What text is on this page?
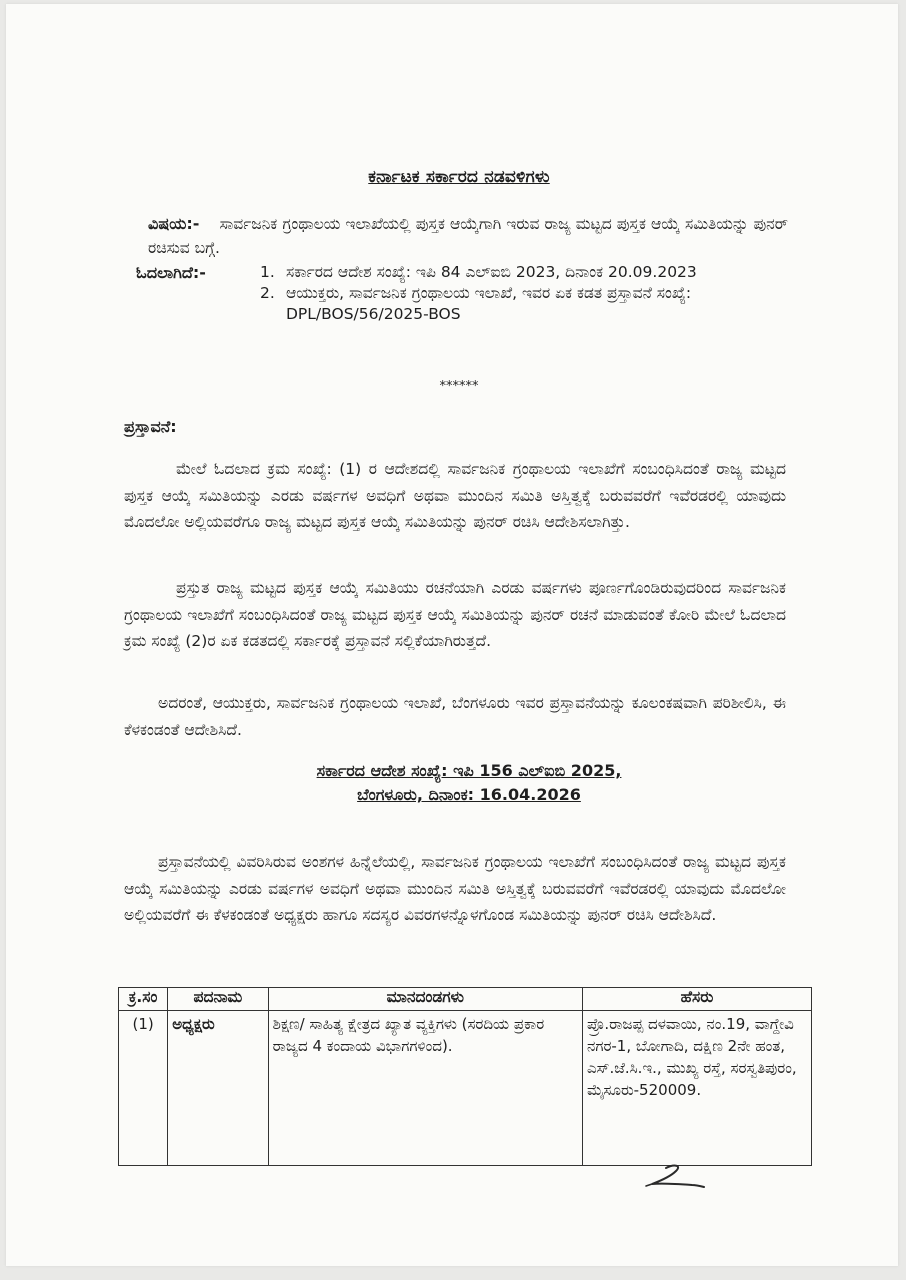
ಕರ್ನಾಟಕ ಸರ್ಕಾರದ ನಡವಳಿಗಳು
ವಿಷಯ:- ಸಾರ್ವಜನಿಕ ಗ್ರಂಥಾಲಯ ಇಲಾಖೆಯಲ್ಲಿ ಪುಸ್ತಕ ಆಯ್ಕೆಗಾಗಿ ಇರುವ ರಾಜ್ಯ ಮಟ್ಟದ ಪುಸ್ತಕ ಆಯ್ಕೆ ಸಮಿತಿಯನ್ನು ಪುನರ್ ರಚಿಸುವ ಬಗ್ಗೆ.
ಓದಲಾಗಿದೆ:-	1. ಸರ್ಕಾರದ ಆದೇಶ ಸಂಖ್ಯೆ: ಇಪಿ 84 ಎಲ್‌ಐಬಿ 2023, ದಿನಾಂಕ 20.09.2023
2. ಆಯುಕ್ತರು, ಸಾರ್ವಜನಿಕ ಗ್ರಂಥಾಲಯ ಇಲಾಖೆ, ಇವರ ಏಕ ಕಡತ ಪ್ರಸ್ತಾವನೆ ಸಂಖ್ಯೆ: DPL/BOS/56/2025-BOS
******
ಪ್ರಸ್ತಾವನೆ:
ಮೇಲೆ ಓದಲಾದ ಕ್ರಮ ಸಂಖ್ಯೆ: (1) ರ ಆದೇಶದಲ್ಲಿ ಸಾರ್ವಜನಿಕ ಗ್ರಂಥಾಲಯ ಇಲಾಖೆಗೆ ಸಂಬಂಧಿಸಿದಂತೆ ರಾಜ್ಯ ಮಟ್ಟದ ಪುಸ್ತಕ ಆಯ್ಕೆ ಸಮಿತಿಯನ್ನು ಎರಡು ವರ್ಷಗಳ ಅವಧಿಗೆ ಅಥವಾ ಮುಂದಿನ ಸಮಿತಿ ಅಸ್ತಿತ್ವಕ್ಕೆ ಬರುವವರೆಗೆ ಇವೆರಡರಲ್ಲಿ ಯಾವುದು ಮೊದಲೋ ಅಲ್ಲಿಯವರೆಗೂ ರಾಜ್ಯ ಮಟ್ಟದ ಪುಸ್ತಕ ಆಯ್ಕೆ ಸಮಿತಿಯನ್ನು ಪುನರ್ ರಚಿಸಿ ಆದೇಶಿಸಲಾಗಿತ್ತು.
ಪ್ರಸ್ತುತ ರಾಜ್ಯ ಮಟ್ಟದ ಪುಸ್ತಕ ಆಯ್ಕೆ ಸಮಿತಿಯು ರಚನೆಯಾಗಿ ಎರಡು ವರ್ಷಗಳು ಪೂರ್ಣಗೊಂಡಿರುವುದರಿಂದ ಸಾರ್ವಜನಿಕ ಗ್ರಂಥಾಲಯ ಇಲಾಖೆಗೆ ಸಂಬಂಧಿಸಿದಂತೆ ರಾಜ್ಯ ಮಟ್ಟದ ಪುಸ್ತಕ ಆಯ್ಕೆ ಸಮಿತಿಯನ್ನು ಪುನರ್ ರಚನೆ ಮಾಡುವಂತೆ ಕೋರಿ ಮೇಲೆ ಓದಲಾದ ಕ್ರಮ ಸಂಖ್ಯೆ (2)ರ ಏಕ ಕಡತದಲ್ಲಿ ಸರ್ಕಾರಕ್ಕೆ ಪ್ರಸ್ತಾವನೆ ಸಲ್ಲಿಕೆಯಾಗಿರುತ್ತದೆ.
ಅದರಂತೆ, ಆಯುಕ್ತರು, ಸಾರ್ವಜನಿಕ ಗ್ರಂಥಾಲಯ ಇಲಾಖೆ, ಬೆಂಗಳೂರು ಇವರ ಪ್ರಸ್ತಾವನೆಯನ್ನು ಕೂಲಂಕಷವಾಗಿ ಪರಿಶೀಲಿಸಿ, ಈ ಕೆಳಕಂಡಂತೆ ಆದೇಶಿಸಿದೆ.
ಸರ್ಕಾರದ ಆದೇಶ ಸಂಖ್ಯೆ: ಇಪಿ 156 ಎಲ್‌ಐಬಿ 2025,
ಬೆಂಗಳೂರು, ದಿನಾಂಕ: 16.04.2026
ಪ್ರಸ್ತಾವನೆಯಲ್ಲಿ ವಿವರಿಸಿರುವ ಅಂಶಗಳ ಹಿನ್ನೆಲೆಯಲ್ಲಿ, ಸಾರ್ವಜನಿಕ ಗ್ರಂಥಾಲಯ ಇಲಾಖೆಗೆ ಸಂಬಂಧಿಸಿದಂತೆ ರಾಜ್ಯ ಮಟ್ಟದ ಪುಸ್ತಕ ಆಯ್ಕೆ ಸಮಿತಿಯನ್ನು ಎರಡು ವರ್ಷಗಳ ಅವಧಿಗೆ ಅಥವಾ ಮುಂದಿನ ಸಮಿತಿ ಅಸ್ತಿತ್ವಕ್ಕೆ ಬರುವವರೆಗೆ ಇವೆರಡರಲ್ಲಿ ಯಾವುದು ಮೊದಲೋ ಅಲ್ಲಿಯವರೆಗೆ ಈ ಕೆಳಕಂಡಂತೆ ಅಧ್ಯಕ್ಷರು ಹಾಗೂ ಸದಸ್ಯರ ವಿವರಗಳನ್ನೊಳಗೊಂಡ ಸಮಿತಿಯನ್ನು ಪುನರ್ ರಚಿಸಿ ಆದೇಶಿಸಿದೆ.
ಕ್ರ.ಸಂ	ಪದನಾಮ	ಮಾನದಂಡಗಳು	ಹೆಸರು
(1)	ಅಧ್ಯಕ್ಷರು	ಶಿಕ್ಷಣ/ ಸಾಹಿತ್ಯ ಕ್ಷೇತ್ರದ ಖ್ಯಾತ ವ್ಯಕ್ತಿಗಳು (ಸರದಿಯ ಪ್ರಕಾರ ರಾಜ್ಯದ 4 ಕಂದಾಯ ವಿಭಾಗಗಳಿಂದ).	ಪ್ರೊ.ರಾಜಪ್ಪ ದಳವಾಯಿ, ನಂ.19, ವಾಗ್ದೇವಿ ನಗರ-1, ಬೋಗಾದಿ, ದಕ್ಷಿಣ 2ನೇ ಹಂತ, ಎಸ್.ಜೆ.ಸಿ.ಇ., ಮುಖ್ಯ ರಸ್ತೆ, ಸರಸ್ವತಿಪುರಂ, ಮೈಸೂರು-520009.
